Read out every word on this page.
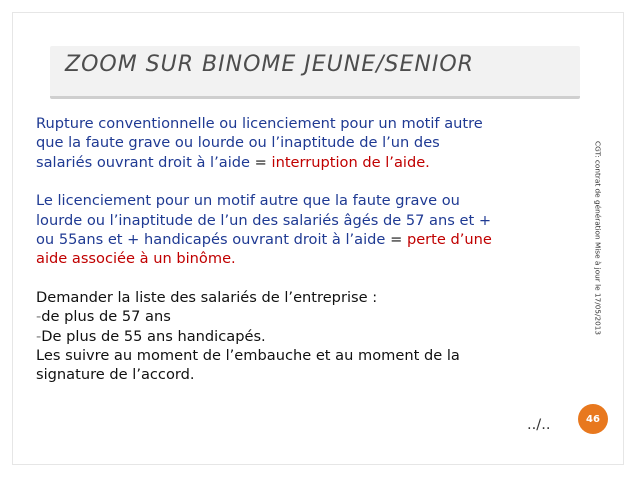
ZOOM SUR BINOME JEUNE/SENIOR

Rupture conventionnelle ou licenciement pour un motif autre

que la faute grave ou lourde ou l’inaptitude de l’un des

salariés ouvrant droit à l’aide = interruption de l’aide.

Le licenciement pour un motif autre que la faute grave ou

lourde ou l’inaptitude de l’un des salariés âgés de 57 ans et +

ou 55ans et + handicapés ouvrant droit à l’aide = perte d’une

aide associée à un binôme.

Demander la liste des salariés de l’entreprise :

-de plus de 57 ans

-De plus de 55 ans handicapés.

Les suivre au moment de l’embauche et au moment de la

signature de l’accord.

../..
CGT: contrat de génération Mise à jour le 17/05/2013
46
